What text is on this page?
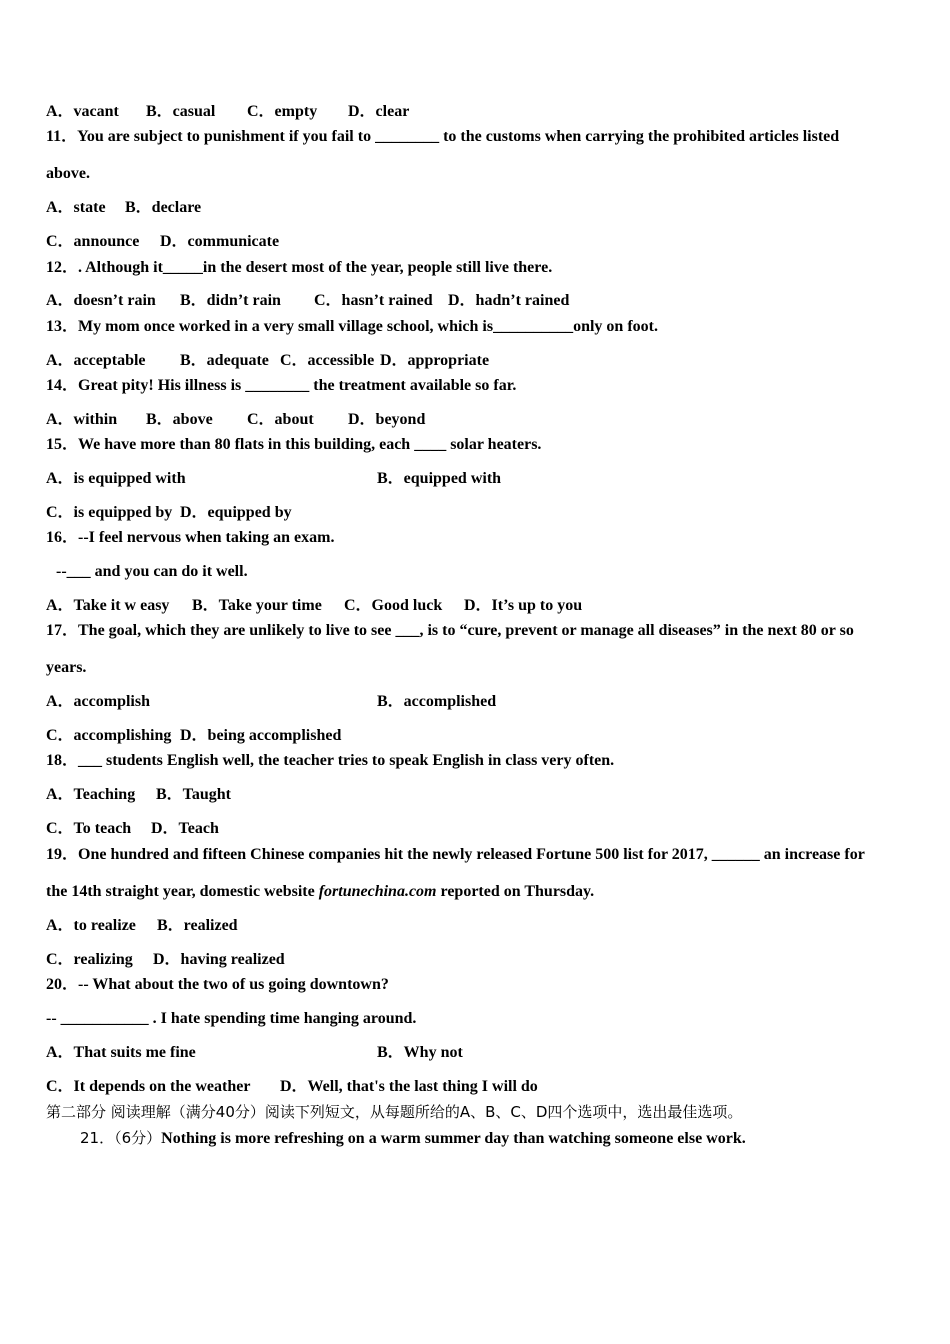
A．vacant B．casual C．empty D．clear
11．You are subject to punishment if you fail to ________ to the customs when carrying the prohibited articles listed
above.
A．state B．declare
C．announce D．communicate
12．. Although it_____in the desert most of the year, people still live there.
A．doesn’t rain B．didn’t rain C．hasn’t rained D．hadn’t rained
13．My mom once worked in a very small village school, which is__________only on foot.
A．acceptable B．adequate C．accessible D．appropriate
14．Great pity! His illness is ________ the treatment available so far.
A．within B．above C．about D．beyond
15．We have more than 80 flats in this building, each ____ solar heaters.
A．is equipped with	B．equipped with
C．is equipped by D．equipped by
16．--I feel nervous when taking an exam.
--___ and you can do it well.
A．Take it w easy B．Take your time C．Good luck D．It’s up to you
17．The goal, which they are unlikely to live to see ___, is to “cure, prevent or manage all diseases” in the next 80 or so
years.
A．accomplish	B．accomplished
C．accomplishing D．being accomplished
18．___ students English well, the teacher tries to speak English in class very often.
A．Teaching B．Taught
C．To teach D．Teach
19．One hundred and fifteen Chinese companies hit the newly released Fortune 500 list for 2017, ______ an increase for
the 14th straight year, domestic website fortunechina.com reported on Thursday.
A．to realize B．realized
C．realizing D．having realized
20．-- What about the two of us going downtown?
-- ___________ . I hate spending time hanging around.
A．That suits me fine	B．Why not
C．It depends on the weather D．Well, that's the last thing I will do
第二部分 阅读理解（满分40分）阅读下列短文，从每题所给的A、B、C、D四个选项中，选出最佳选项。
21．（6分）Nothing is more refreshing on a warm summer day than watching someone else work.
